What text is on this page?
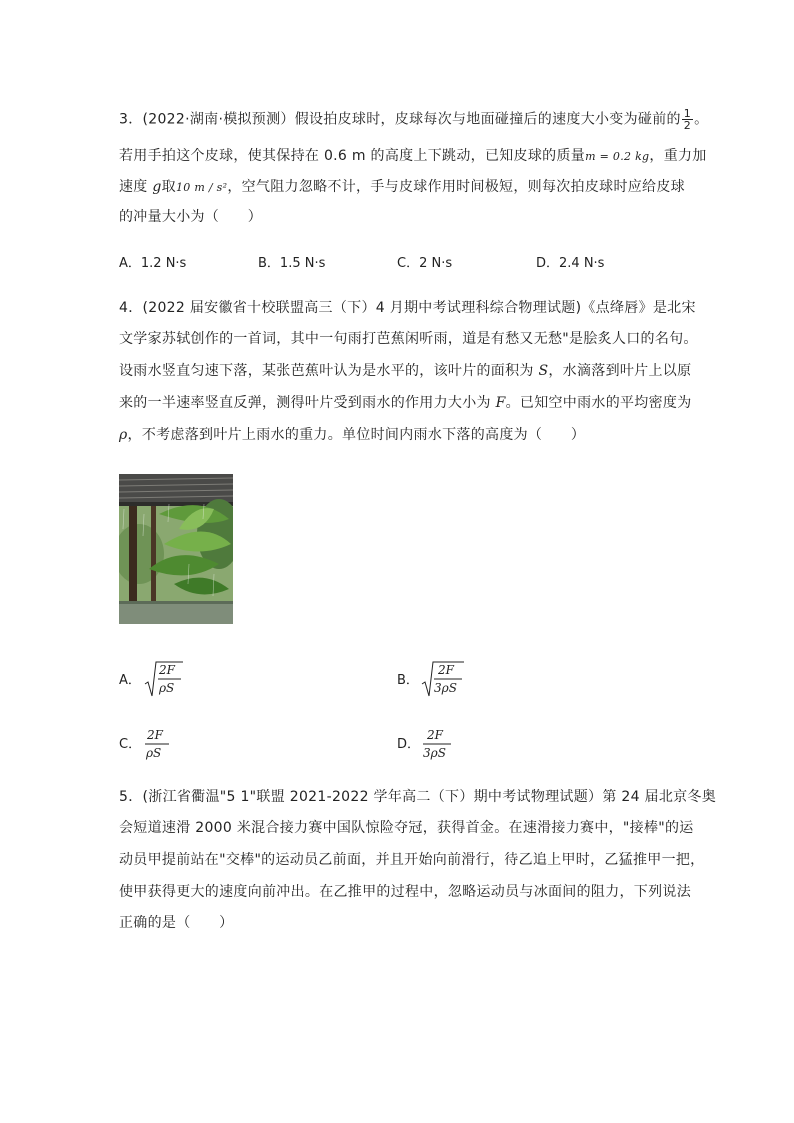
3．(2022·湖南·模拟预测）假设拍皮球时，皮球每次与地面碰撞后的速度大小变为碰前的 $\frac{1}{2}$ 。
若用手拍这个皮球，使其保持在 0.6 m 的高度上下跳动，已知皮球的质量m = 0.2 kg，重力加
速度 g取10 m / s²，空气阻力忽略不计，手与皮球作用时间极短，则每次拍皮球时应给皮球
的冲量大小为（　　）
A．1.2 N·s	B．1.5 N·s	C．2 N·s	D．2.4 N·s
4．(2022 届安徽省十校联盟高三（下）4 月期中考试理科综合物理试题)《点绛唇》是北宋
文学家苏轼创作的一首词，其中一句雨打芭蕉闲听雨，道是有愁又无愁"是脍炙人口的名句。
设雨水竖直匀速下落，某张芭蕉叶认为是水平的，该叶片的面积为 S，水滴落到叶片上以原
来的一半速率竖直反弹，测得叶片受到雨水的作用力大小为 F。已知空中雨水的平均密度为
ρ，不考虑落到叶片上雨水的重力。单位时间内雨水下落的高度为（　　）
A．
2F
ρS	B．
2F
3ρS
C．
2F
ρS
D．
2F
3ρS
5．(浙江省衢温"5 1"联盟 2021-2022 学年高二（下）期中考试物理试题）第 24 届北京冬奥
会短道速滑 2000 米混合接力赛中国队惊险夺冠，获得首金。在速滑接力赛中，"接棒"的运
动员甲提前站在"交棒"的运动员乙前面，并且开始向前滑行，待乙追上甲时，乙猛推甲一把，
使甲获得更大的速度向前冲出。在乙推甲的过程中，忽略运动员与冰面间的阻力，下列说法
正确的是（　　）
